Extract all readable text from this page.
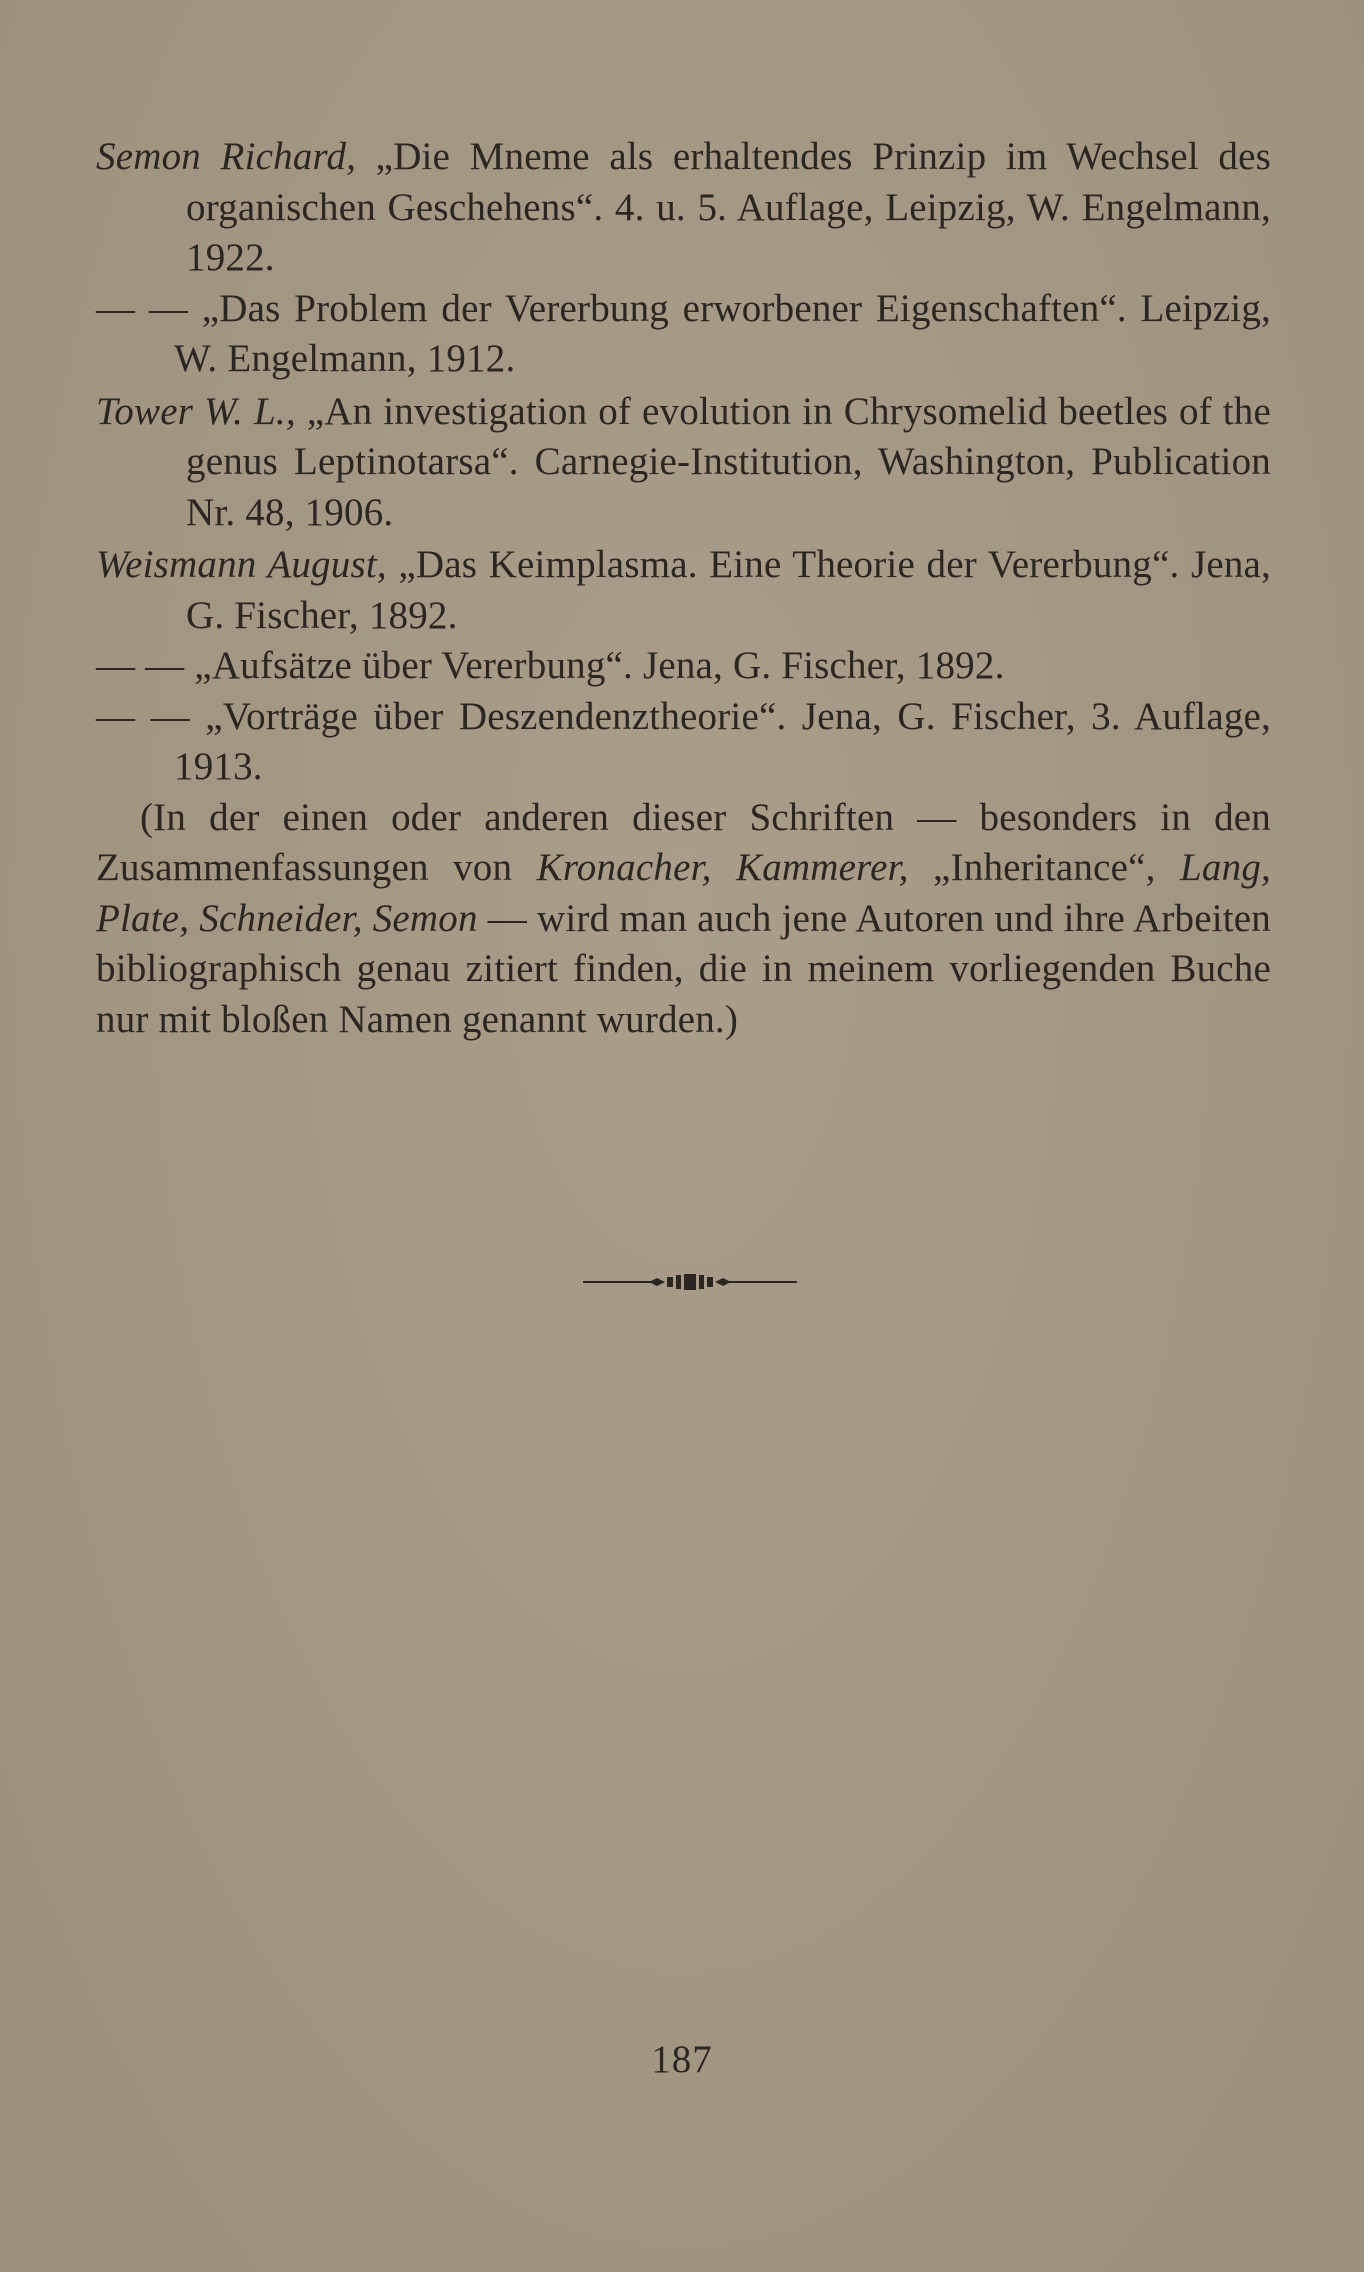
Semon Richard, „Die Mneme als erhaltendes Prinzip im Wechsel des organischen Geschehens“. 4. u. 5. Auflage, Leipzig, W. Engelmann, 1922.

— — „Das Problem der Vererbung erworbener Eigenschaften“. Leipzig, W. Engelmann, 1912.

Tower W. L., „An investigation of evolution in Chrysomelid beetles of the genus Leptinotarsa“. Carnegie-Institution, Washington, Publication Nr. 48, 1906.

Weismann August, „Das Keimplasma. Eine Theorie der Vererbung“. Jena, G. Fischer, 1892.

— — „Aufsätze über Vererbung“. Jena, G. Fischer, 1892.

— — „Vorträge über Deszendenztheorie“. Jena, G. Fischer, 3. Auflage, 1913.

(In der einen oder anderen dieser Schriften — besonders in den Zusammenfassungen von Kronacher, Kammerer, „Inheritance“, Lang, Plate, Schneider, Semon — wird man auch jene Autoren und ihre Arbeiten bibliographisch genau zitiert finden, die in meinem vorliegenden Buche nur mit bloßen Namen genannt wurden.)

187
